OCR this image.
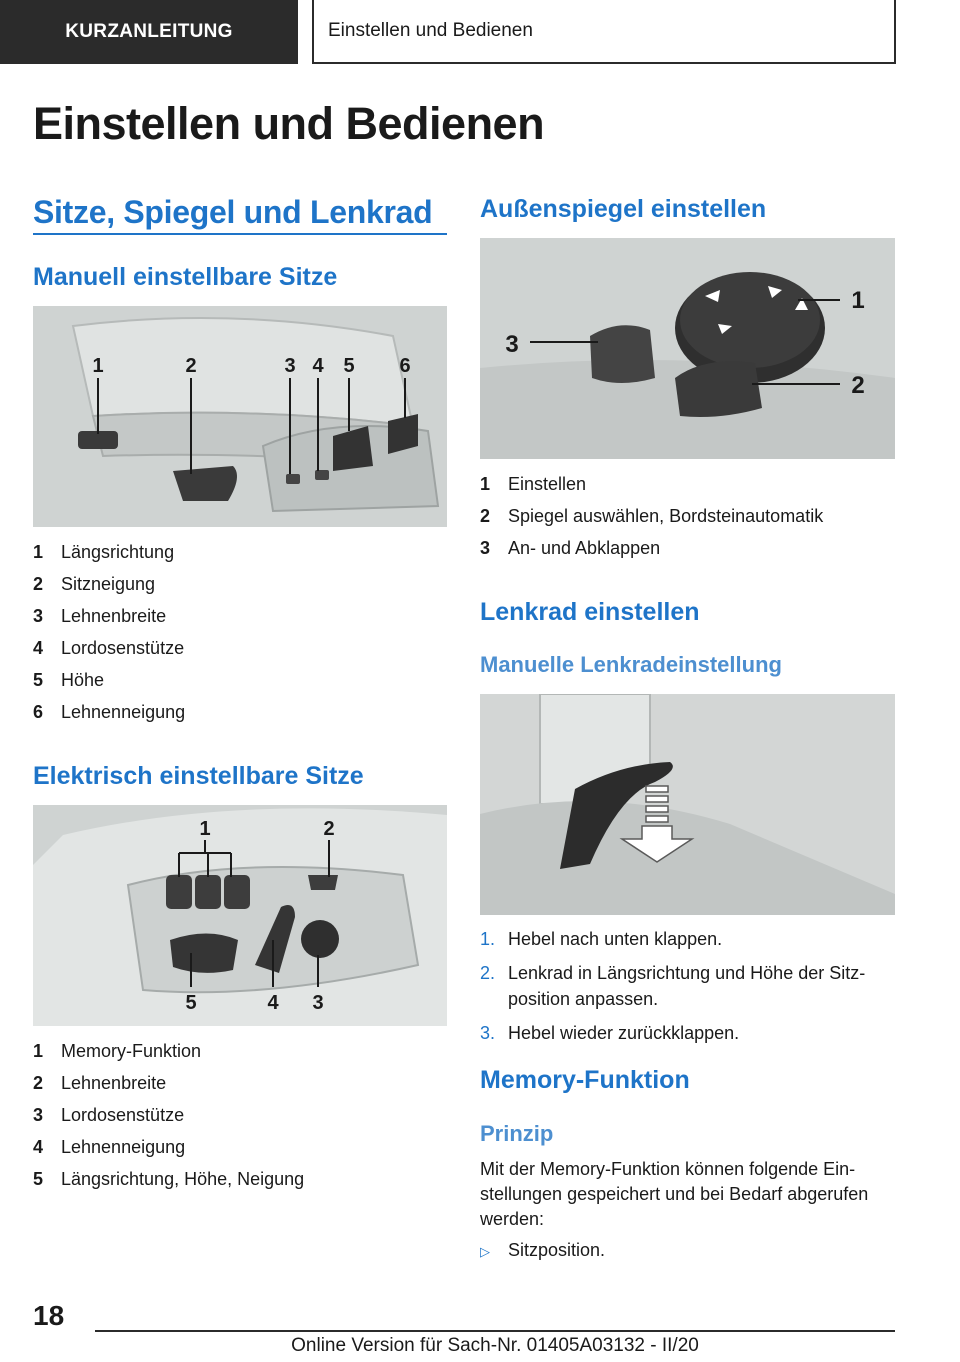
KURZANLEITUNG	Einstellen und Bedienen
Einstellen und Bedienen
Sitze, Spiegel und Lenkrad
Manuell einstellbare Sitze
1	2	3 4 5 6
1 Längsrichtung
2 Sitzneigung
3 Lehnenbreite
4 Lordosenstütze
5 Höhe
6 Lehnenneigung
Elektrisch einstellbare Sitze
1	2
5	4 3
1 Memory-Funktion
2 Lehnenbreite
3 Lordosenstütze
4 Lehnenneigung
5 Längsrichtung, Höhe, Neigung
Außenspiegel einstellen
1
2
3
1 Einstellen
2 Spiegel auswählen, Bordsteinautomatik
3 An- und Abklappen
Lenkrad einstellen
Manuelle Lenkradeinstellung
1. Hebel nach unten klappen.
2. Lenkrad in Längsrichtung und Höhe der Sitz-position anpassen.
3. Hebel wieder zurückklappen.
Memory-Funktion
Prinzip
Mit der Memory-Funktion können folgende Ein-stellungen gespeichert und bei Bedarf abgerufen werden:
▷ Sitzposition.
18
Online Version für Sach-Nr. 01405A03132 - II/20
